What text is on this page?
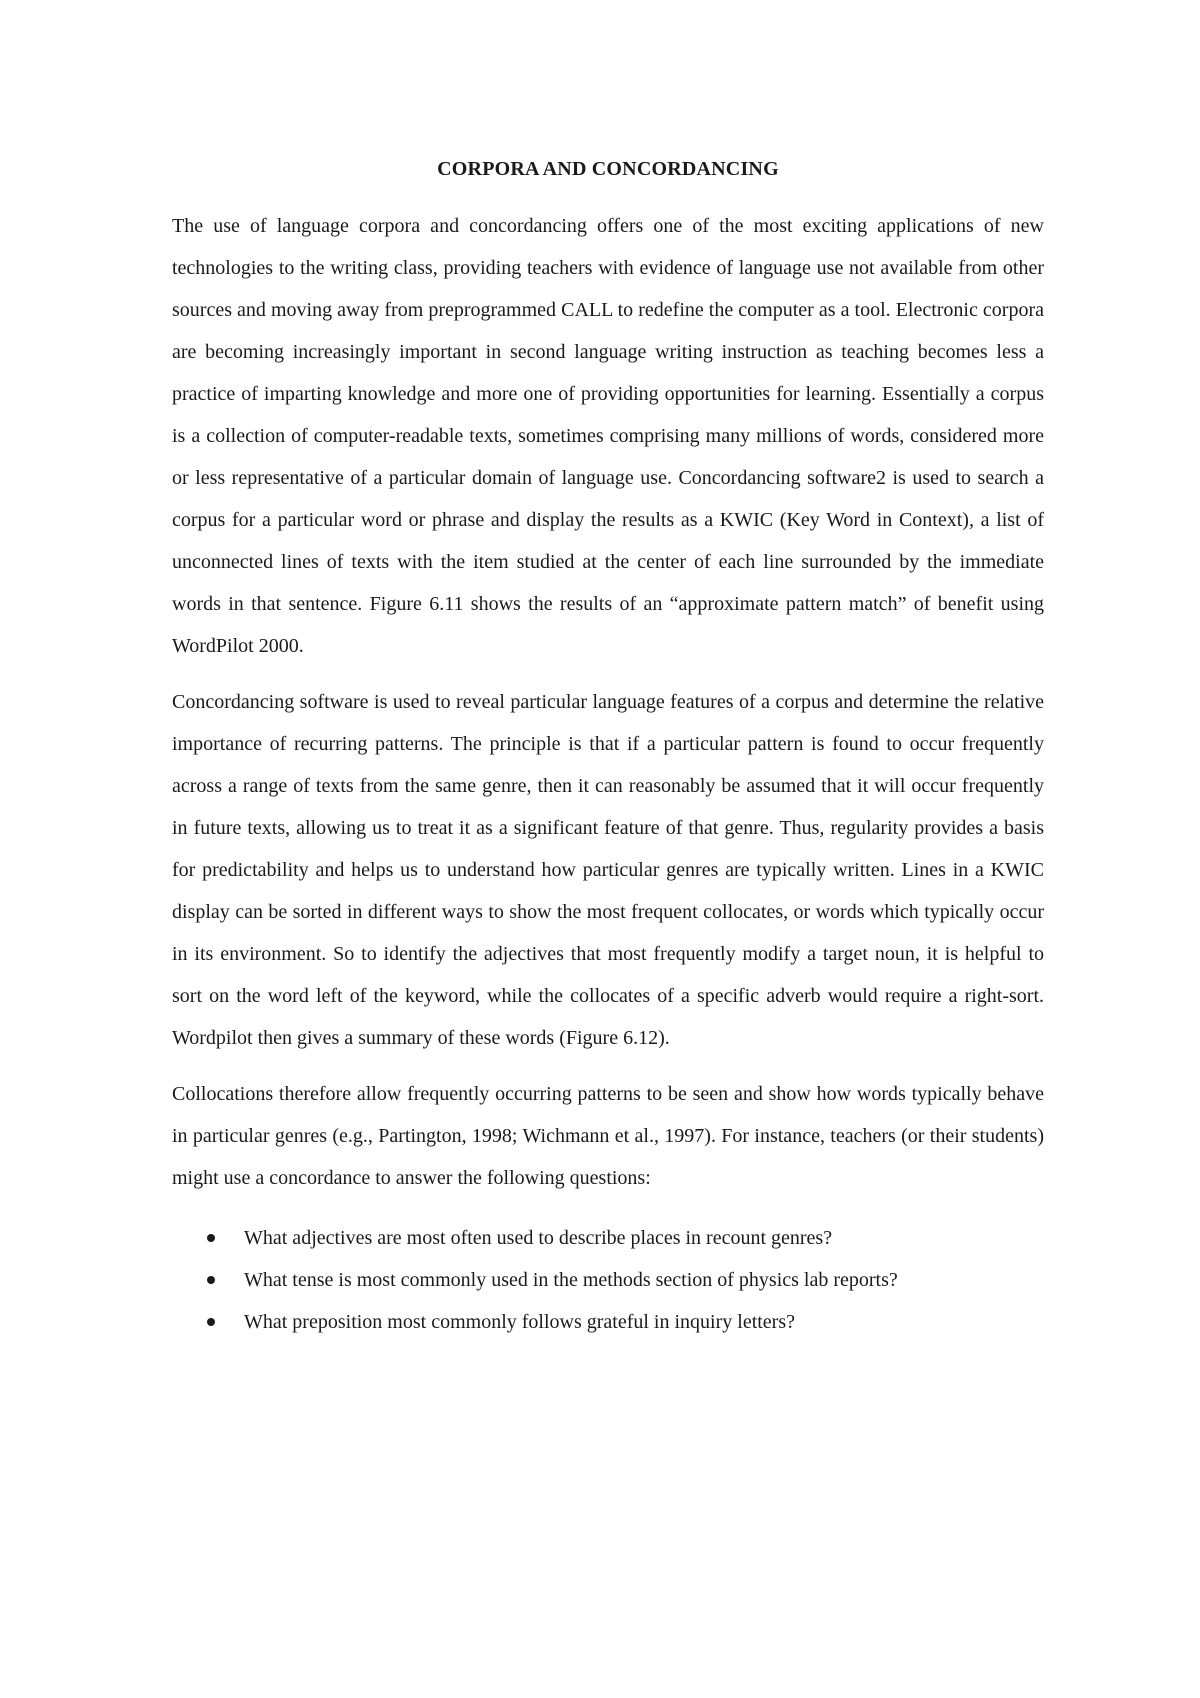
CORPORA AND CONCORDANCING

The use of language corpora and concordancing offers one of the most exciting applications of new technologies to the writing class, providing teachers with evidence of language use not available from other sources and moving away from preprogrammed CALL to redefine the computer as a tool. Electronic corpora are becoming increasingly important in second language writing instruction as teaching becomes less a practice of imparting knowledge and more one of providing opportunities for learning. Essentially a corpus is a collection of computer-readable texts, sometimes comprising many millions of words, considered more or less representative of a particular domain of language use. Concordancing software2 is used to search a corpus for a particular word or phrase and display the results as a KWIC (Key Word in Context), a list of unconnected lines of texts with the item studied at the center of each line surrounded by the immediate words in that sentence. Figure 6.11 shows the results of an “approximate pattern match” of benefit using WordPilot 2000.

Concordancing software is used to reveal particular language features of a corpus and determine the relative importance of recurring patterns. The principle is that if a particular pattern is found to occur frequently across a range of texts from the same genre, then it can reasonably be assumed that it will occur frequently in future texts, allowing us to treat it as a significant feature of that genre. Thus, regularity provides a basis for predictability and helps us to understand how particular genres are typically written. Lines in a KWIC display can be sorted in different ways to show the most frequent collocates, or words which typically occur in its environment. So to identify the adjectives that most frequently modify a target noun, it is helpful to sort on the word left of the keyword, while the collocates of a specific adverb would require a right-sort. Wordpilot then gives a summary of these words (Figure 6.12).

Collocations therefore allow frequently occurring patterns to be seen and show how words typically behave in particular genres (e.g., Partington, 1998; Wichmann et al., 1997). For instance, teachers (or their students) might use a concordance to answer the following questions:

What adjectives are most often used to describe places in recount genres?
What tense is most commonly used in the methods section of physics lab reports?
What preposition most commonly follows grateful in inquiry letters?
